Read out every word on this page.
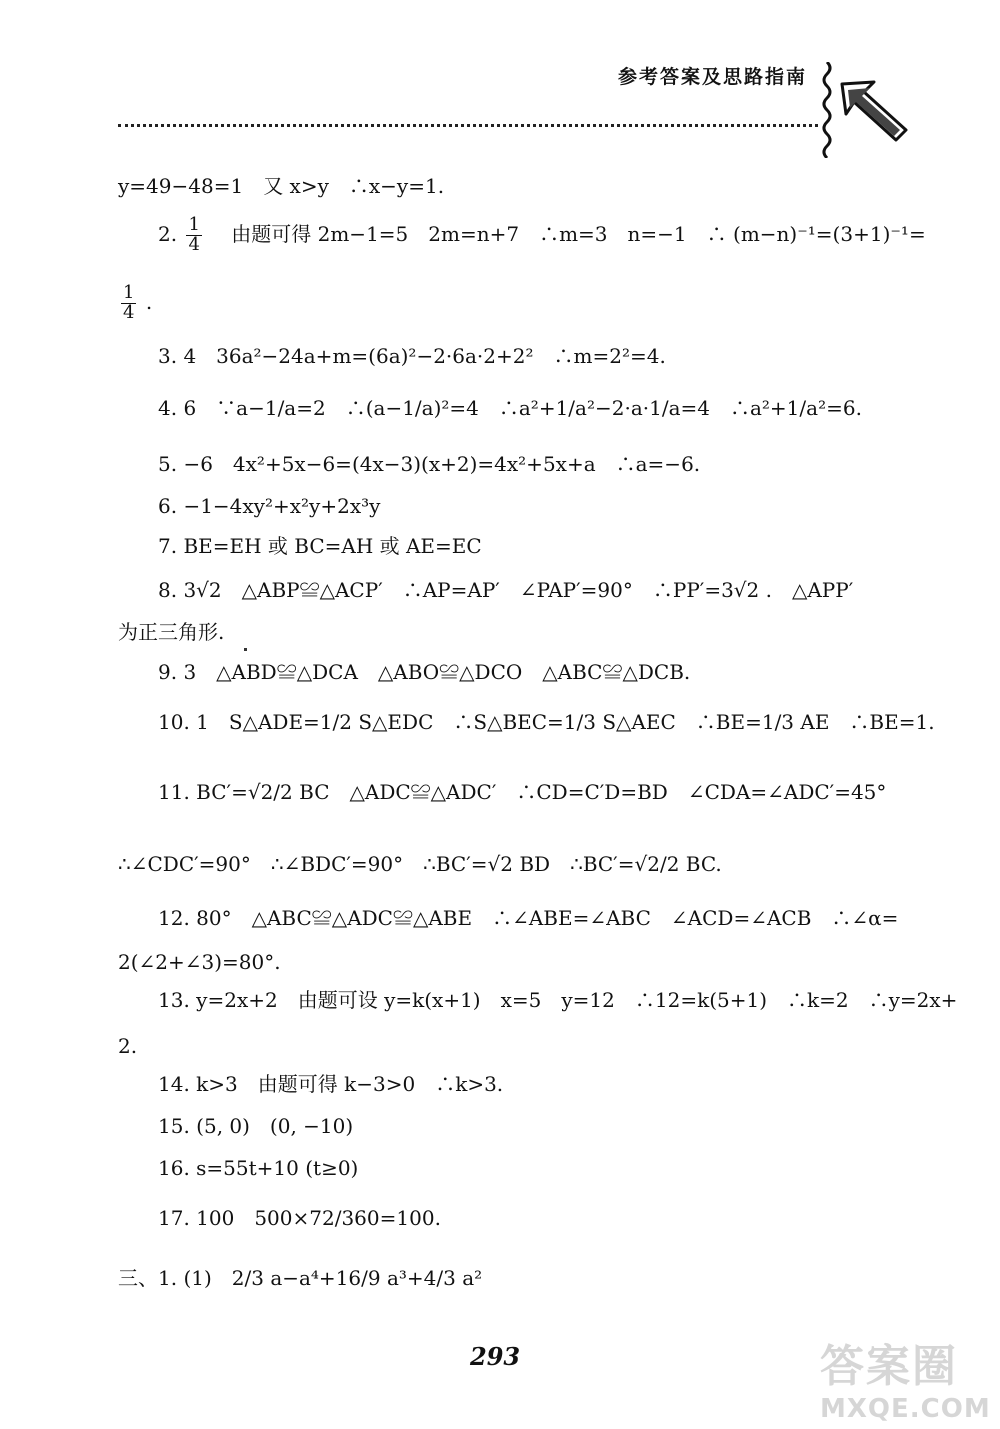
参考答案及思路指南
y=49−48=1　又 x>y　∴x−y=1.
2. $\frac{1}{4}$ 　由题可得 2m−1=5　2m=n+7　∴m=3　n=−1　∴ (m−n)⁻¹=(3+1)⁻¹=
$\frac{1}{4}$ .
3. 4　36a²−24a+m=(6a)²−2·6a·2+2²　∴m=2²=4.
4. 6　∵a−1/a=2　∴(a−1/a)²=4　∴a²+1/a²−2·a·1/a=4　∴a²+1/a²=6.
5. −6　4x²+5x−6=(4x−3)(x+2)=4x²+5x+a　∴a=−6.
6. −1−4xy²+x²y+2x³y
7. BE=EH 或 BC=AH 或 AE=EC
8. 3√2　△ABP≌△ACP′　∴AP=AP′　∠PAP′=90°　∴PP′=3√2 .　△APP′
为正三角形.
9. 3　△ABD≌△DCA　△ABO≌△DCO　△ABC≌△DCB.
10. 1　S△ADE=1/2 S△EDC　∴S△BEC=1/3 S△AEC　∴BE=1/3 AE　∴BE=1.
11. BC′=√2/2 BC　△ADC≌△ADC′　∴CD=C′D=BD　∠CDA=∠ADC′=45°
∴∠CDC′=90°　∴∠BDC′=90°　∴BC′=√2 BD　∴BC′=√2/2 BC.
12. 80°　△ABC≌△ADC≌△ABE　∴∠ABE=∠ABC　∠ACD=∠ACB　∴∠α=
2(∠2+∠3)=80°.
13. y=2x+2　由题可设 y=k(x+1)　x=5　y=12　∴12=k(5+1)　∴k=2　∴y=2x+
2.
14. k>3　由题可得 k−3>0　∴k>3.
15. (5, 0)　(0, −10)
16. s=55t+10 (t≥0)
17. 100　500×72/360=100.
三、1. (1)　2/3 a−a⁴+16/9 a³+4/3 a²
293	答案圈
MXQE.COM
